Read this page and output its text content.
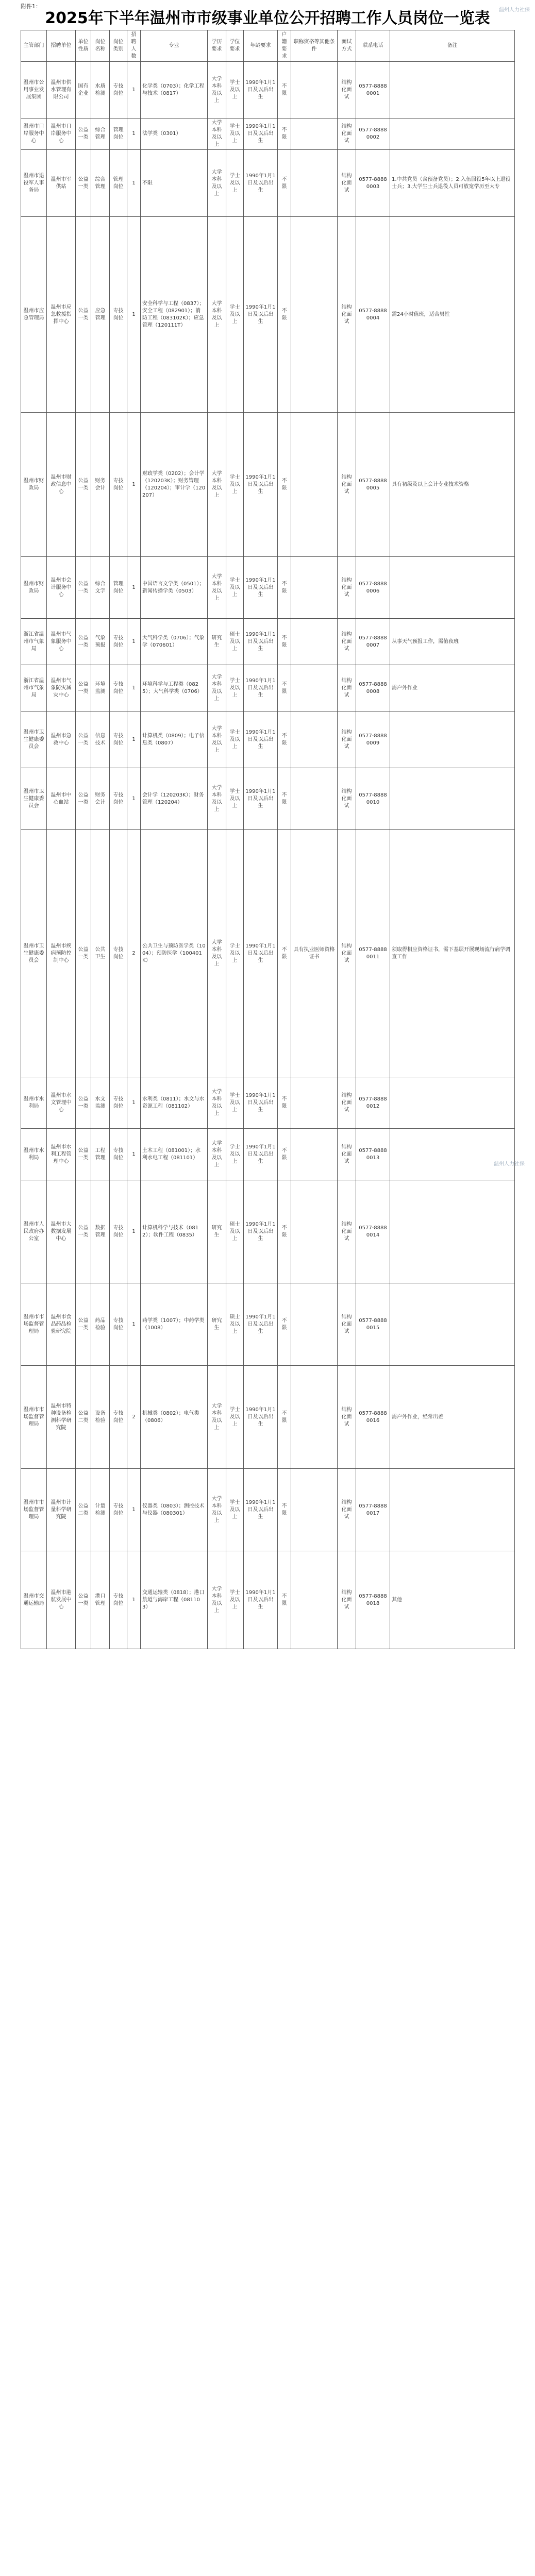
附件1：
温州人力社保
2025年下半年温州市市级事业单位公开招聘工作人员岗位一览表
主管部门	招聘单位	单位性质	岗位名称	岗位类别	招聘人数	专业	学历要求	学位要求	年龄要求	户籍要求	职称资格等其他条件	面试方式	联系电话	备注
温州市公用事业发展集团	温州市供水管理有限公司	国有企业	水质检测	专技岗位	1	化学类（0703）；化学工程与技术（0817）	大学本科及以上	学士及以上	1990年1月1日及以后出生	不限		结构化面试	0577-88880001	
温州市口岸服务中心	温州市口岸服务中心	公益一类	综合管理	管理岗位	1	法学类（0301）	大学本科及以上	学士及以上	1990年1月1日及以后出生	不限		结构化面试	0577-88880002	
温州市退役军人事务局	温州市军供站	公益一类	综合管理	管理岗位	1	不限	大学本科及以上	学士及以上	1990年1月1日及以后出生	不限		结构化面试	0577-88880003	1.中共党员（含预备党员）；2.入伍服役5年以上退役士兵；3.大学生士兵退役人员可放宽学历至大专
温州市应急管理局	温州市应急救援指挥中心	公益一类	应急管理	专技岗位	1	安全科学与工程（0837）；安全工程（082901）；消防工程（083102K）；应急管理（120111T）	大学本科及以上	学士及以上	1990年1月1日及以后出生	不限		结构化面试	0577-88880004	需24小时值班，适合男性
温州市财政局	温州市财政信息中心	公益一类	财务会计	专技岗位	1	财政学类（0202）；会计学（120203K）；财务管理（120204）；审计学（120207）	大学本科及以上	学士及以上	1990年1月1日及以后出生	不限		结构化面试	0577-88880005	具有初级及以上会计专业技术资格
温州市财政局	温州市会计服务中心	公益一类	综合文字	管理岗位	1	中国语言文学类（0501）；新闻传播学类（0503）	大学本科及以上	学士及以上	1990年1月1日及以后出生	不限		结构化面试	0577-88880006	
浙江省温州市气象局	温州市气象服务中心	公益一类	气象预报	专技岗位	1	大气科学类（0706）；气象学（070601）	研究生	硕士及以上	1990年1月1日及以后出生	不限		结构化面试	0577-88880007	从事天气预报工作，需值夜班
浙江省温州市气象局	温州市气象防灾减灾中心	公益一类	环境监测	专技岗位	1	环境科学与工程类（0825）；大气科学类（0706）	大学本科及以上	学士及以上	1990年1月1日及以后出生	不限		结构化面试	0577-88880008	需户外作业
温州市卫生健康委员会	温州市急救中心	公益一类	信息技术	专技岗位	1	计算机类（0809）；电子信息类（0807）	大学本科及以上	学士及以上	1990年1月1日及以后出生	不限		结构化面试	0577-88880009	
温州市卫生健康委员会	温州市中心血站	公益一类	财务会计	专技岗位	1	会计学（120203K）；财务管理（120204）	大学本科及以上	学士及以上	1990年1月1日及以后出生	不限		结构化面试	0577-88880010	
温州市卫生健康委员会	温州市疾病预防控制中心	公益一类	公共卫生	专技岗位	2	公共卫生与预防医学类（1004）；预防医学（100401K）	大学本科及以上	学士及以上	1990年1月1日及以后出生	不限	具有执业医师资格证书	结构化面试	0577-88880011	须取得相应资格证书，需下基层开展现场流行病学调查工作
温州市水利局	温州市水文管理中心	公益一类	水文监测	专技岗位	1	水利类（0811）；水文与水资源工程（081102）	大学本科及以上	学士及以上	1990年1月1日及以后出生	不限		结构化面试	0577-88880012	
温州市水利局	温州市水利工程管理中心	公益一类	工程管理	专技岗位	1	土木工程（081001）；水利水电工程（081101）	大学本科及以上	学士及以上	1990年1月1日及以后出生	不限		结构化面试	0577-88880013	
温州市人民政府办公室	温州市大数据发展中心	公益一类	数据管理	专技岗位	1	计算机科学与技术（0812）；软件工程（0835）	研究生	硕士及以上	1990年1月1日及以后出生	不限		结构化面试	0577-88880014	
温州市市场监督管理局	温州市食品药品检验研究院	公益一类	药品检验	专技岗位	1	药学类（1007）；中药学类（1008）	研究生	硕士及以上	1990年1月1日及以后出生	不限		结构化面试	0577-88880015	
温州市市场监督管理局	温州市特种设备检测科学研究院	公益二类	设备检验	专技岗位	2	机械类（0802）；电气类（0806）	大学本科及以上	学士及以上	1990年1月1日及以后出生	不限		结构化面试	0577-88880016	需户外作业，经常出差
温州市市场监督管理局	温州市计量科学研究院	公益二类	计量检测	专技岗位	1	仪器类（0803）；测控技术与仪器（080301）	大学本科及以上	学士及以上	1990年1月1日及以后出生	不限		结构化面试	0577-88880017	
温州市交通运输局	温州市港航发展中心	公益一类	港口管理	专技岗位	1	交通运输类（0818）；港口航道与海岸工程（081103）	大学本科及以上	学士及以上	1990年1月1日及以后出生	不限		结构化面试	0577-88880018	其他
温州人力社保
